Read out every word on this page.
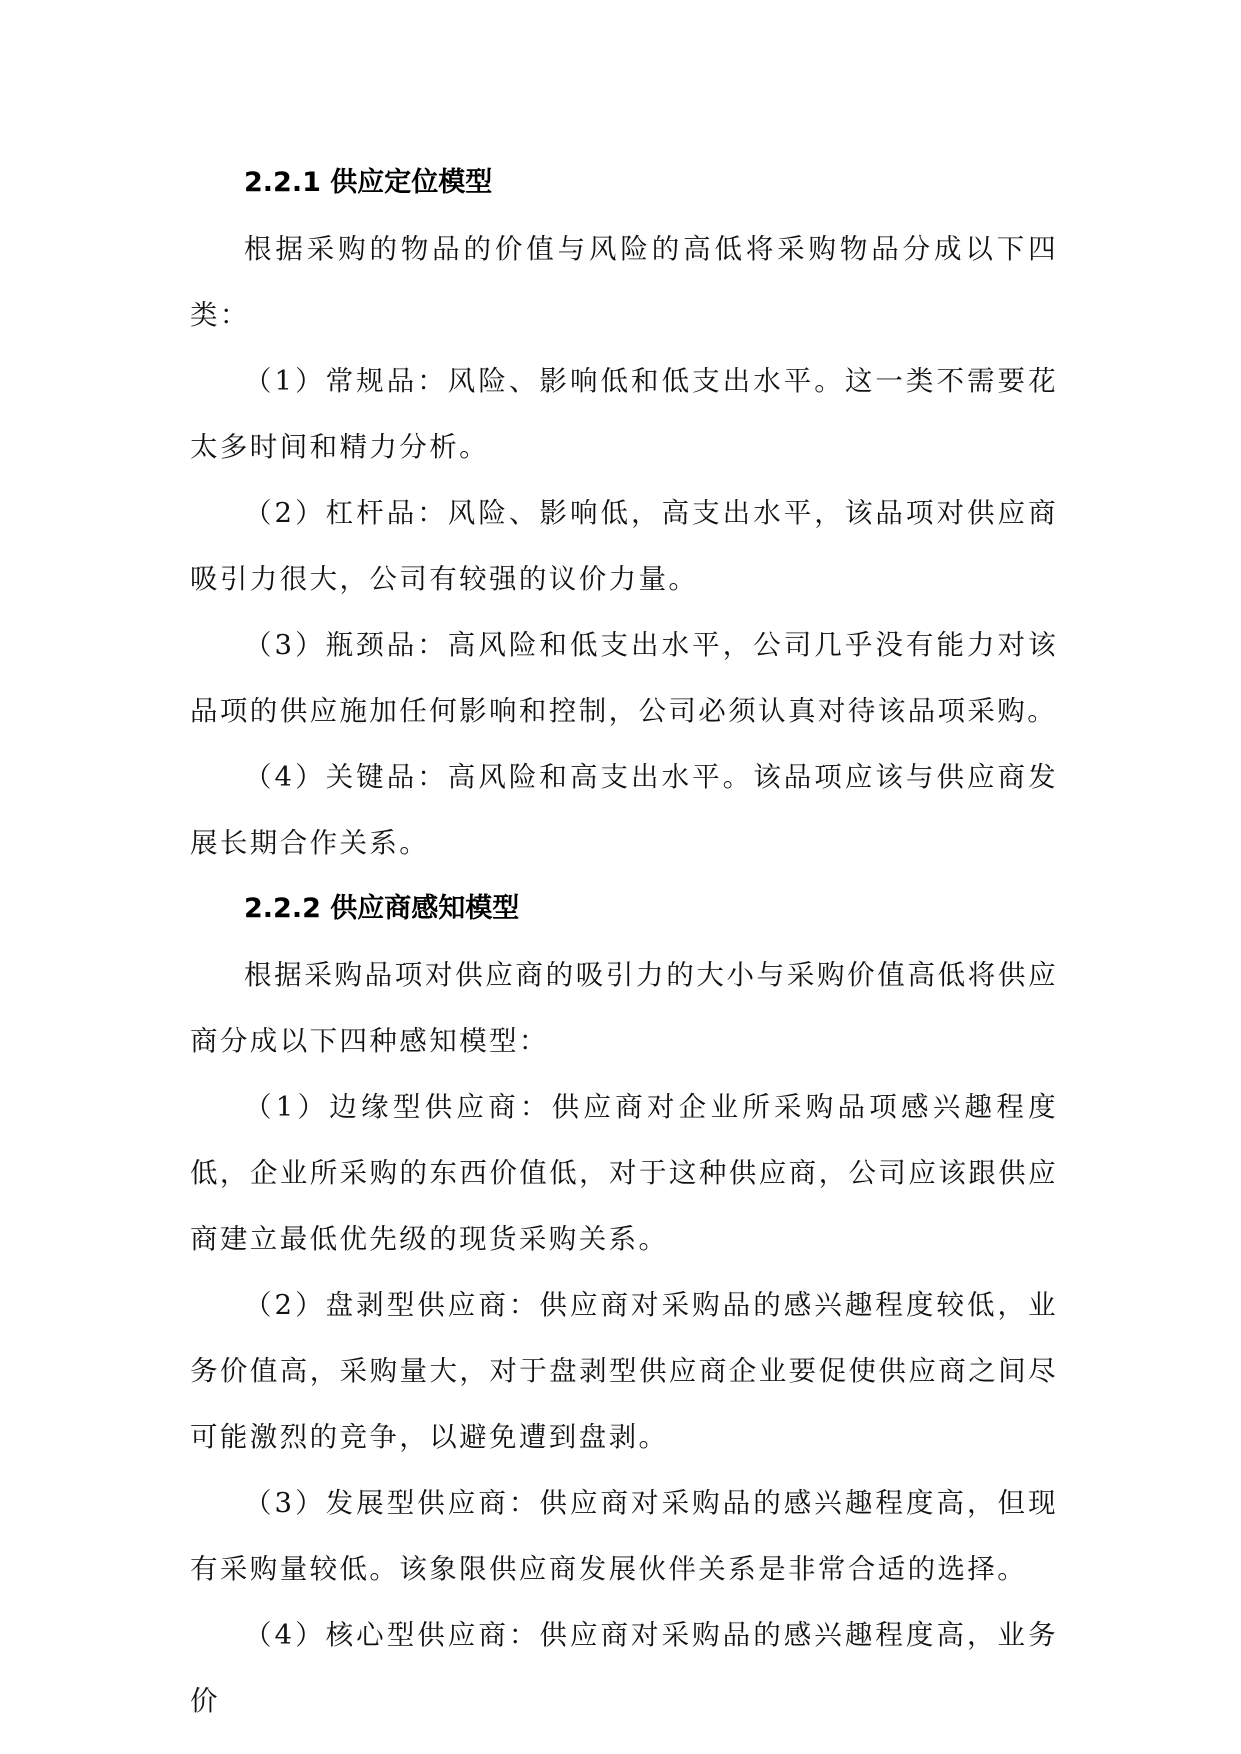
2.2.1 供应定位模型

根据采购的物品的价值与风险的高低将采购物品分成以下四类：

（1）常规品：风险、影响低和低支出水平。这一类不需要花太多时间和精力分析。

（2）杠杆品：风险、影响低，高支出水平，该品项对供应商吸引力很大，公司有较强的议价力量。

（3）瓶颈品：高风险和低支出水平，公司几乎没有能力对该品项的供应施加任何影响和控制，公司必须认真对待该品项采购。

（4）关键品：高风险和高支出水平。该品项应该与供应商发展长期合作关系。

2.2.2 供应商感知模型

根据采购品项对供应商的吸引力的大小与采购价值高低将供应商分成以下四种感知模型：

（1）边缘型供应商：供应商对企业所采购品项感兴趣程度低，企业所采购的东西价值低，对于这种供应商，公司应该跟供应商建立最低优先级的现货采购关系。

（2）盘剥型供应商：供应商对采购品的感兴趣程度较低，业务价值高，采购量大，对于盘剥型供应商企业要促使供应商之间尽可能激烈的竞争，以避免遭到盘剥。

（3）发展型供应商：供应商对采购品的感兴趣程度高，但现有采购量较低。该象限供应商发展伙伴关系是非常合适的选择。

（4）核心型供应商：供应商对采购品的感兴趣程度高，业务价
